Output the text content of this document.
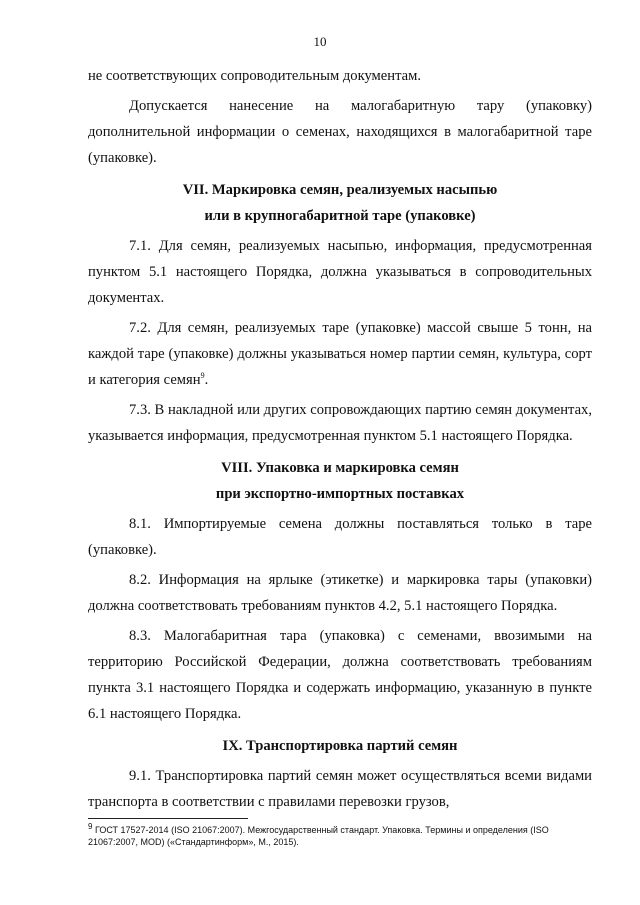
10

не соответствующих сопроводительным документам.

Допускается нанесение на малогабаритную тару (упаковку) дополнительной информации о семенах, находящихся в малогабаритной таре (упаковке).

VII. Маркировка семян, реализуемых насыпью

или в крупногабаритной таре (упаковке)

7.1. Для семян, реализуемых насыпью, информация, предусмотренная пунктом 5.1 настоящего Порядка, должна указываться в сопроводительных документах.

7.2. Для семян, реализуемых таре (упаковке) массой свыше 5 тонн, на каждой таре (упаковке) должны указываться номер партии семян, культура, сорт и категория семян$^9$.

7.3. В накладной или других сопровождающих партию семян документах, указывается информация, предусмотренная пунктом 5.1 настоящего Порядка.

VIII. Упаковка и маркировка семян

при экспортно-импортных поставках

8.1. Импортируемые семена должны поставляться только в таре (упаковке).

8.2. Информация на ярлыке (этикетке) и маркировка тары (упаковки) должна соответствовать требованиям пунктов 4.2, 5.1 настоящего Порядка.

8.3. Малогабаритная тара (упаковка) с семенами, ввозимыми на территорию Российской Федерации, должна соответствовать требованиям пункта 3.1 настоящего Порядка и содержать информацию, указанную в пункте 6.1 настоящего Порядка.

IX. Транспортировка партий семян

9.1. Транспортировка партий семян может осуществляться всеми видами транспорта в соответствии с правилами перевозки грузов,

9 ГОСТ 17527-2014 (ISO 21067:2007). Межгосударственный стандарт. Упаковка. Термины и определения (ISO 21067:2007, MOD) («Стандартинформ», М., 2015).
